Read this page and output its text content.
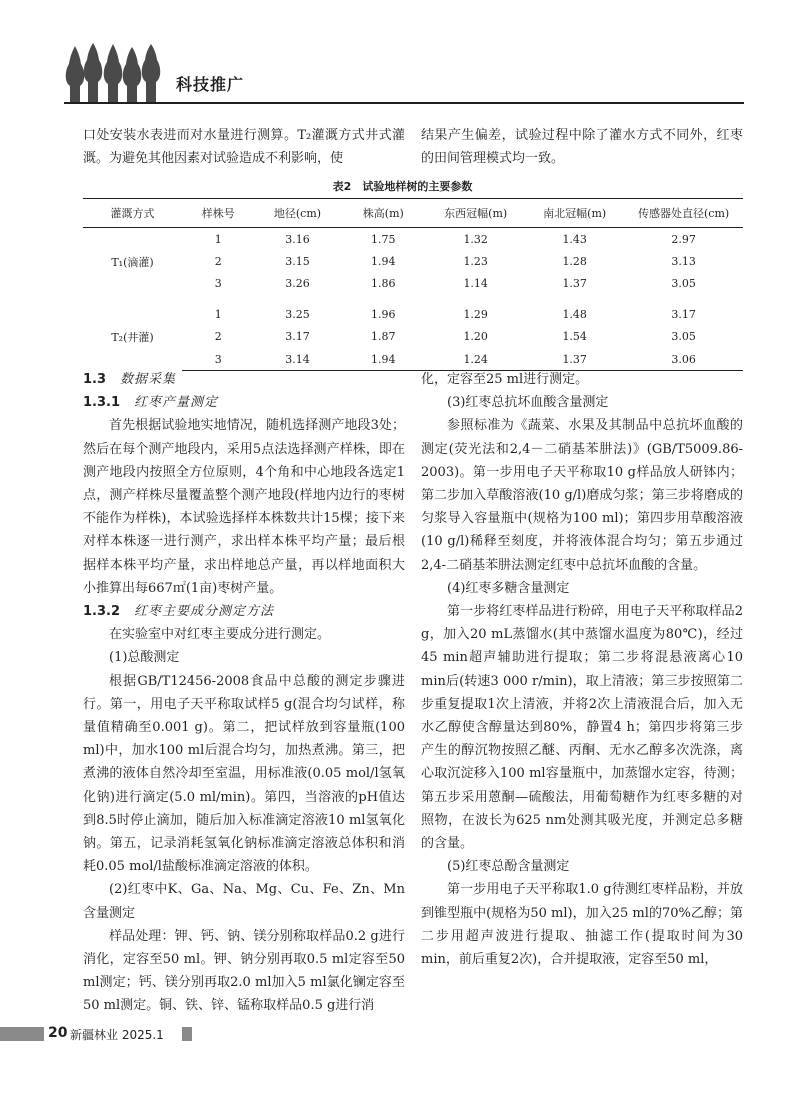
科技推广

口处安装水表进而对水量进行测算。T₂灌溉方式井式灌溉。为避免其他因素对试验造成不利影响，使

结果产生偏差，试验过程中除了灌水方式不同外，红枣的田间管理模式均一致。

表2　试验地样树的主要参数
灌溉方式	样株号	地径(cm)	株高(m)	东西冠幅(m)	南北冠幅(m)	传感器处直径(cm)
T₁(滴灌)	1	3.16	1.75	1.32	1.43	2.97
	2	3.15	1.94	1.23	1.28	3.13
	3	3.26	1.86	1.14	1.37	3.05

T₂(井灌)	1	3.25	1.96	1.29	1.48	3.17
	2	3.17	1.87	1.20	1.54	3.05
	3	3.14	1.94	1.24	1.37	3.06

1.3 数据采集

1.3.1 红枣产量测定

首先根据试验地实地情况，随机选择测产地段3处；然后在每个测产地段内，采用5点法选择测产样株，即在测产地段内按照全方位原则，4个角和中心地段各选定1点，测产样株尽量覆盖整个测产地段(样地内边行的枣树不能作为样株)，本试验选择样本株数共计15棵；接下来对样本株逐一进行测产，求出样本株平均产量；最后根据样本株平均产量，求出样地总产量，再以样地面积大小推算出每667㎡(1亩)枣树产量。

1.3.2 红枣主要成分测定方法

在实验室中对红枣主要成分进行测定。

(1)总酸测定

根据GB/T12456-2008食品中总酸的测定步骤进行。第一，用电子天平称取试样5 g(混合均匀试样，称量值精确至0.001 g)。第二，把试样放到容量瓶(100 ml)中，加水100 ml后混合均匀，加热煮沸。第三，把煮沸的液体自然冷却至室温，用标准液(0.05 mol/l氢氧化钠)进行滴定(5.0 ml/min)。第四，当溶液的pH值达到8.5时停止滴加，随后加入标准滴定溶液10 ml氢氧化钠。第五，记录消耗氢氧化钠标准滴定溶液总体积和消耗0.05 mol/l盐酸标准滴定溶液的体积。

(2)红枣中K、Ga、Na、Mg、Cu、Fe、Zn、Mn含量测定

样品处理：钾、钙、钠、镁分别称取样品0.2 g进行消化，定容至50 ml。钾、钠分别再取0.5 ml定容至50 ml测定；钙、镁分别再取2.0 ml加入5 ml氯化镧定容至50 ml测定。铜、铁、锌、锰称取样品0.5 g进行消

化，定容至25 ml进行测定。

(3)红枣总抗坏血酸含量测定

参照标准为《蔬菜、水果及其制品中总抗坏血酸的测定(荧光法和2,4－二硝基苯肼法)》(GB/T5009.86-2003)。第一步用电子天平称取10 g样品放人研钵内；第二步加入草酸溶液(10 g/l)磨成匀浆；第三步将磨成的匀浆导入容量瓶中(规格为100 ml)；第四步用草酸溶液(10 g/l)稀释至刻度，并将液体混合均匀；第五步通过2,4-二硝基苯肼法测定红枣中总抗坏血酸的含量。

(4)红枣多糖含量测定

第一步将红枣样品进行粉碎，用电子天平称取样品2 g，加入20 mL蒸馏水(其中蒸馏水温度为80℃)，经过45 min超声辅助进行提取；第二步将混悬液离心10 min后(转速3 000 r/min)，取上清液；第三步按照第二步重复提取1次上清液，并将2次上清液混合后，加入无水乙醇使含醇量达到80%，静置4 h；第四步将第三步产生的醇沉物按照乙醚、丙酮、无水乙醇多次洗涤，离心取沉淀移入100 ml容量瓶中，加蒸馏水定容，待测；第五步采用蒽酮—硫酸法，用葡萄糖作为红枣多糖的对照物，在波长为625 nm处测其吸光度，并测定总多糖的含量。

(5)红枣总酚含量测定

第一步用电子天平称取1.0 g待测红枣样品粉，并放到锥型瓶中(规格为50 ml)，加入25 ml的70%乙醇；第二步用超声波进行提取、抽滤工作(提取时间为30 min，前后重复2次)，合并提取液，定容至50 ml，

20 新疆林业 2025.1
